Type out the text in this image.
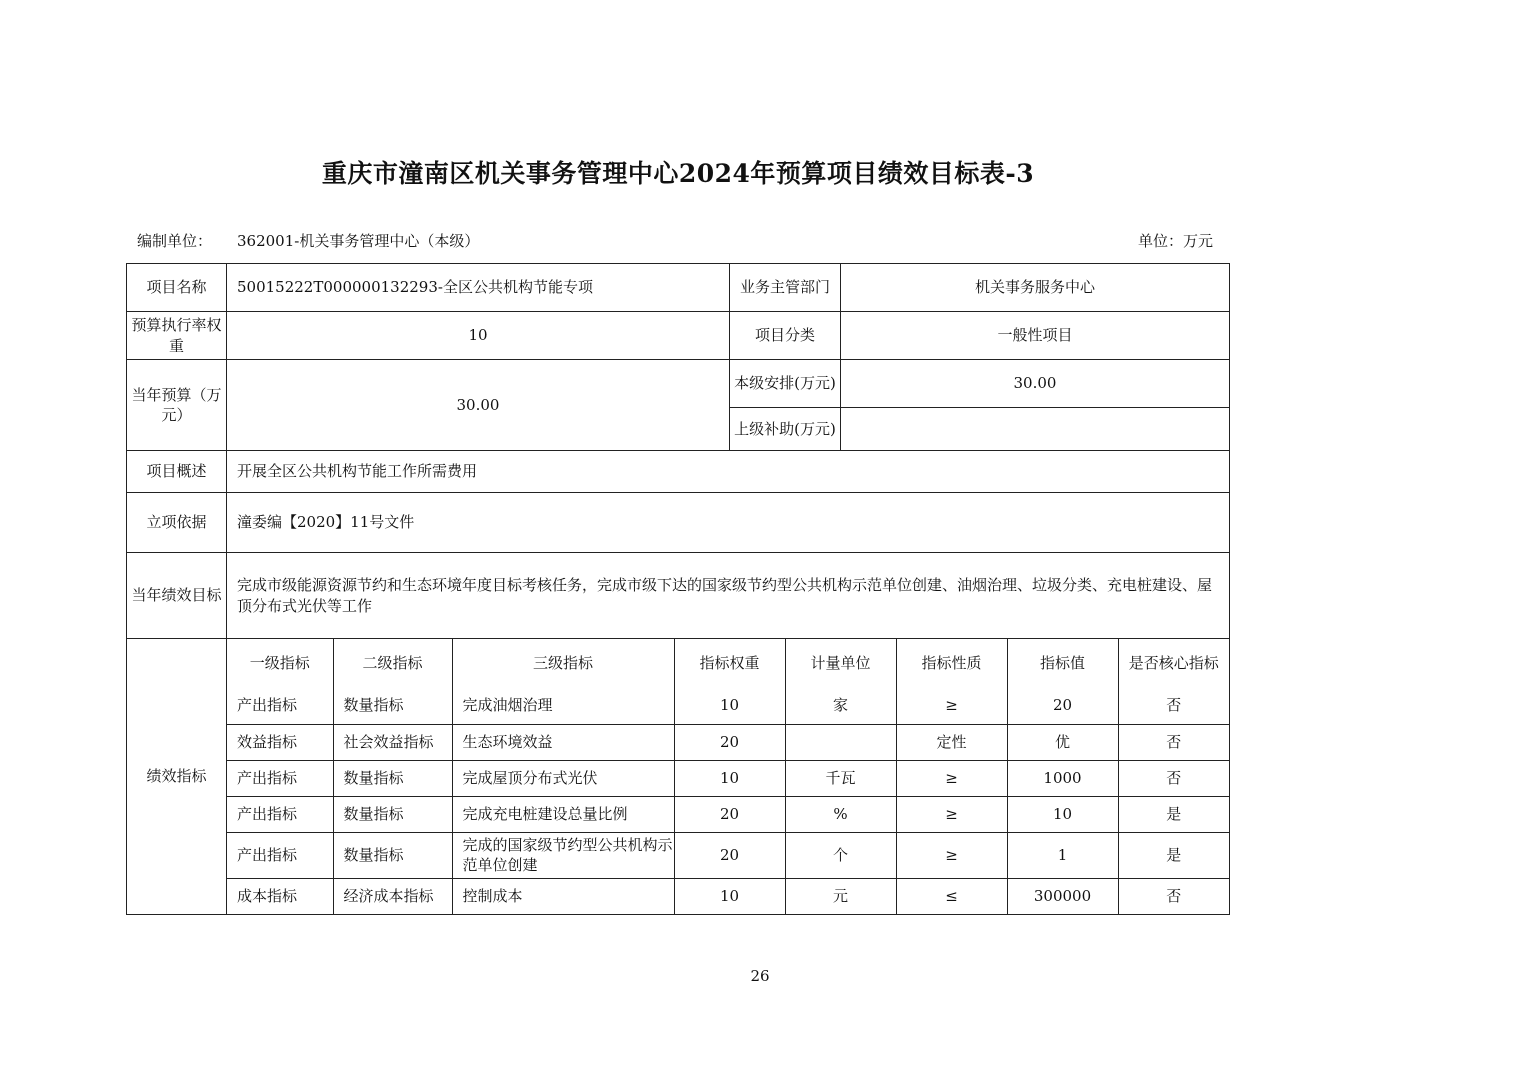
重庆市潼南区机关事务管理中心2024年预算项目绩效目标表-3
编制单位： 362001-机关事务管理中心（本级）	单位：万元
项目名称	50015222T000000132293-全区公共机构节能专项	业务主管部门	机关事务服务中心
预算执行率权重	10	项目分类	一般性项目
当年预算（万元）	30.00	本级安排(万元)	30.00
上级补助(万元)	
项目概述	开展全区公共机构节能工作所需费用
立项依据	潼委编【2020】11号文件
当年绩效目标	完成市级能源资源节约和生态环境年度目标考核任务，完成市级下达的国家级节约型公共机构示范单位创建、油烟治理、垃圾分类、充电桩建设、屋顶分布式光伏等工作
绩效指标	
一级指标	二级指标	三级指标	指标权重	计量单位	指标性质	指标值	是否核心指标
产出指标	数量指标	完成油烟治理	10	家	≥	20	否
效益指标	社会效益指标	生态环境效益	20		定性	优	否
产出指标	数量指标	完成屋顶分布式光伏	10	千瓦	≥	1000	否
产出指标	数量指标	完成充电桩建设总量比例	20	%	≥	10	是
产出指标	数量指标	完成的国家级节约型公共机构示范单位创建	20	个	≥	1	是
成本指标	经济成本指标	控制成本	10	元	≤	300000	否
26
